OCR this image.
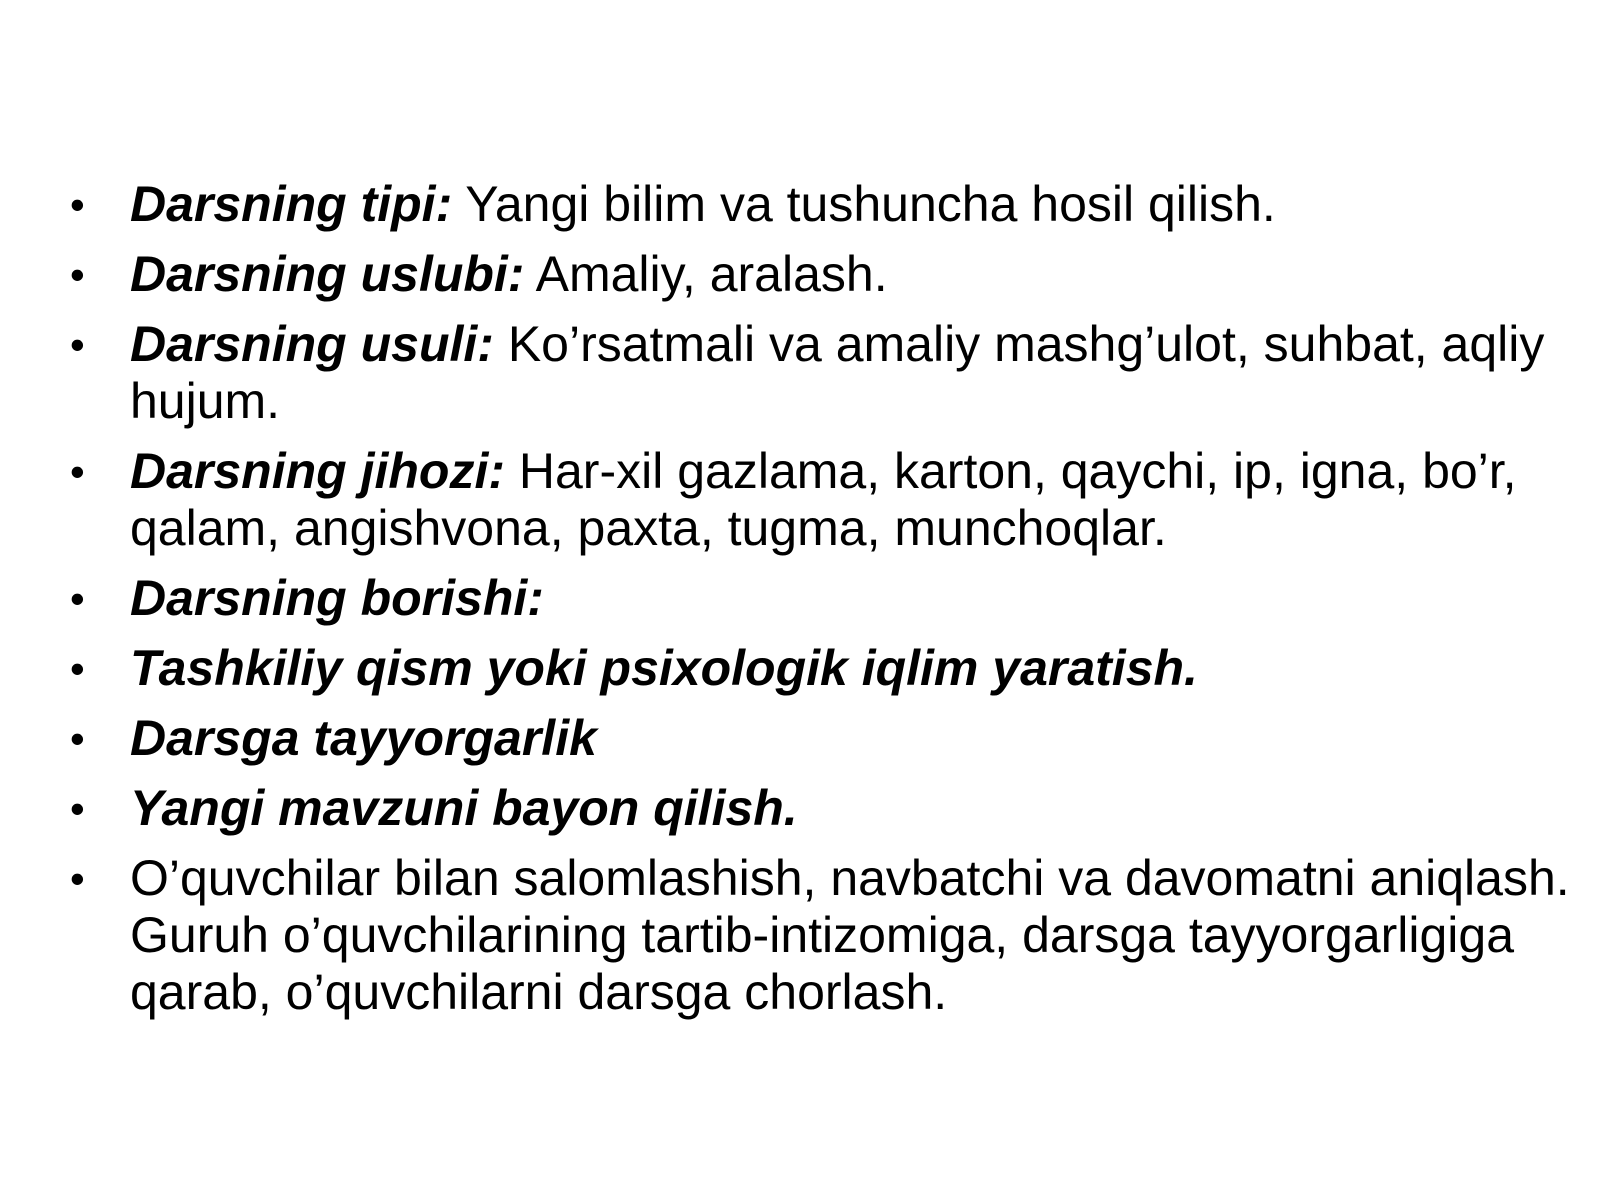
• Darsning tipi: Yangi bilim va tushuncha hosil qilish.
• Darsning uslubi: Amaliy, aralash.
• Darsning usuli: Ko’rsatmali va amaliy mashg’ulot, suhbat, aqliy hujum.
• Darsning jihozi: Har-xil gazlama, karton, qaychi, ip, igna, bo’r, qalam, angishvona, paxta, tugma, munchoqlar.
• Darsning borishi:
• Tashkiliy qism yoki psixologik iqlim yaratish.
• Darsga tayyorgarlik
• Yangi mavzuni bayon qilish.
• O’quvchilar bilan salomlashish, navbatchi va davomatni aniqlash. Guruh o’quvchilarining tartib-intizomiga, darsga tayyorgarligiga qarab, o’quvchilarni darsga chorlash.
